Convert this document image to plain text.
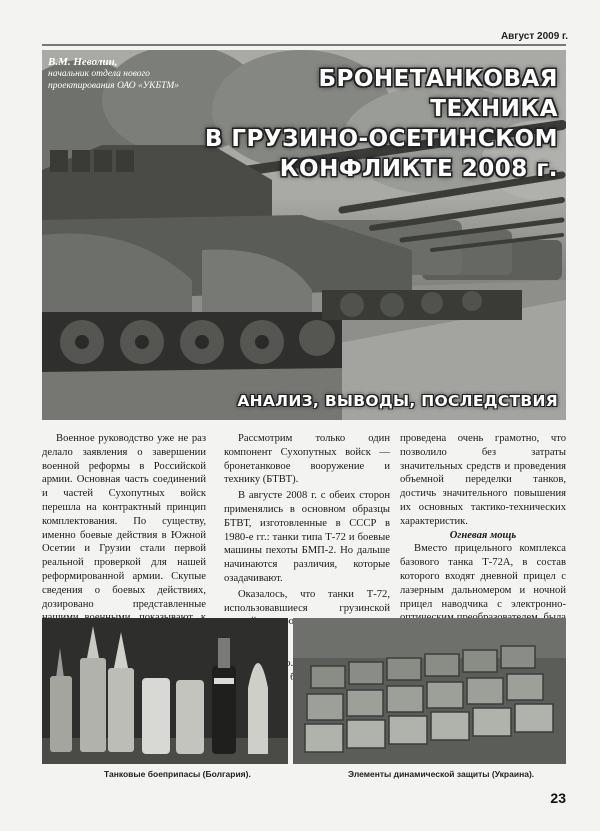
Август 2009 г.
В.М. Неволин,
начальник отдела нового
проектирования ОАО «УКБТМ»	БРОНЕТАНКОВАЯ ТЕХНИКА
В ГРУЗИНО-ОСЕТИНСКОМ
КОНФЛИКТЕ 2008 г.
АНАЛИЗ, ВЫВОДЫ, ПОСЛЕДСТВИЯ

Военное руководство уже не раз делало заявления о завершении военной реформы в Российской армии. Основная часть соединений и частей Сухопутных войск перешла на контрактный принцип комплектования. По существу, именно боевые действия в Южной Осетии и Грузии стали первой реальной проверкой для нашей реформированной армии. Скупые сведения о боевых действиях, дозировано представленные

Рассмотрим только один компонент Сухопутных войск — бронетанковое вооружение и технику (БТВТ).

В августе 2008 г. с обеих сторон применялись в основном образцы БТВТ, изготовленные в СССР в 1980-е гг.: танки типа Т-72 и боевые машины пехоты БМП-2. Но дальше начинаются различия, которые озадачивают.

Оказалось, что танки Т-72, использовавшиеся грузинской

проведена очень грамотно, что позволило без затраты значительных средств и проведения объемной переделки танков, достичь значительного повышения их основных тактико-технических характеристик.

Огневая мощь

Вместо прицельного комплекса базового танка Т-72А, в состав которого входят дневной прицел с лазерным дальномером и ночной прицел наводчика с электронно-

Танковые боеприпасы (Болгария).	Элементы динамической защиты (Украина).
23
